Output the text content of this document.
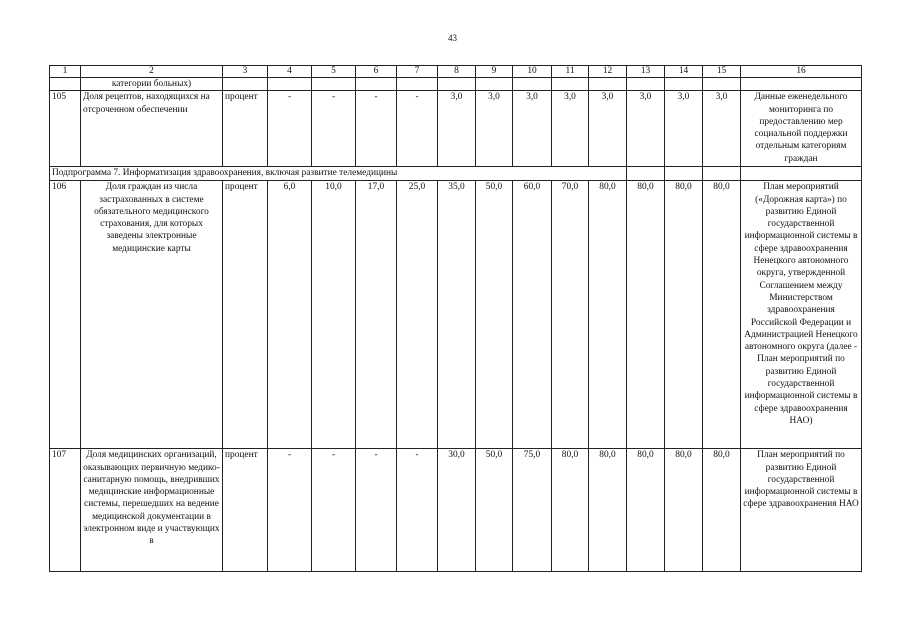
43
1	2	3	4	5	6	7	8	9	10	11	12	13	14	15	16
	категории больных)														
105	Доля рецептов, находящихся на отсроченном обеспечении	процент	-	-	-	-	3,0	3,0	3,0	3,0	3,0	3,0	3,0	3,0	Данные еженедельного мониторинга по предоставлению мер социальной поддержки отдельным категориям граждан
Подпрограмма 7. Информатизация здравоохранения, включая развитие телемедицины															
106	Доля граждан из числа застрахованных в системе обязательного медицинского страхования, для которых заведены электронные медицинские карты	процент	6,0	10,0	17,0	25,0	35,0	50,0	60,0	70,0	80,0	80,0	80,0	80,0	План мероприятий («Дорожная карта») по развитию Единой государственной информационной системы в сфере здравоохранения Ненецкого автономного округа, утвержденной Соглашением между Министерством здравоохранения Российской Федерации и Администрацией Ненецкого автономного округа (далее - План мероприятий по развитию Единой государственной информационной системы в сфере здравоохранения НАО)
107	Доля медицинских организаций, оказывающих первичную медико-санитарную помощь, внедривших медицинские информационные системы, перешедших на ведение медицинской документации в электронном виде и участвующих в	процент	-	-	-	-	30,0	50,0	75,0	80,0	80,0	80,0	80,0	80,0	План мероприятий по развитию Единой государственной информационной системы в сфере здравоохранения НАО
